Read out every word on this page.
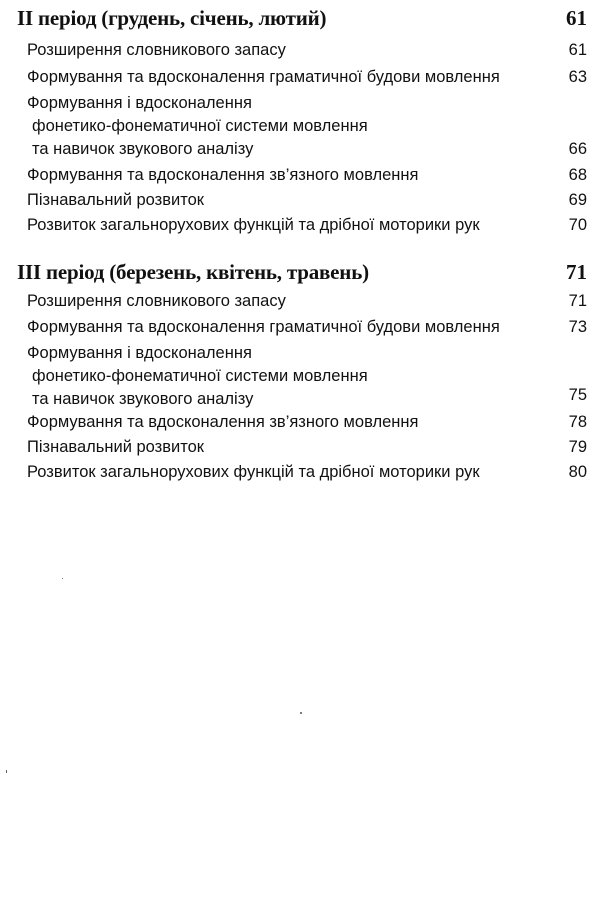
ІІ період (грудень, січень, лютий)	61
Розширення словникового запасу	61
Формування та вдосконалення граматичної будови мовлення	63
Формування і вдосконалення
фонетико-фонематичної системи мовлення
та навичок звукового аналізу	66
Формування та вдосконалення зв’язного мовлення	68
Пізнавальний розвиток	69
Розвиток загальнорухових функцій та дрібної моторики рук	70
ІІІ період (березень, квітень, травень)	71
Розширення словникового запасу	71
Формування та вдосконалення граматичної будови мовлення	73
Формування і вдосконалення
фонетико-фонематичної системи мовлення
та навичок звукового аналізу	75
Формування та вдосконалення зв’язного мовлення	78
Пізнавальний розвиток	79
Розвиток загальнорухових функцій та дрібної моторики рук	80
